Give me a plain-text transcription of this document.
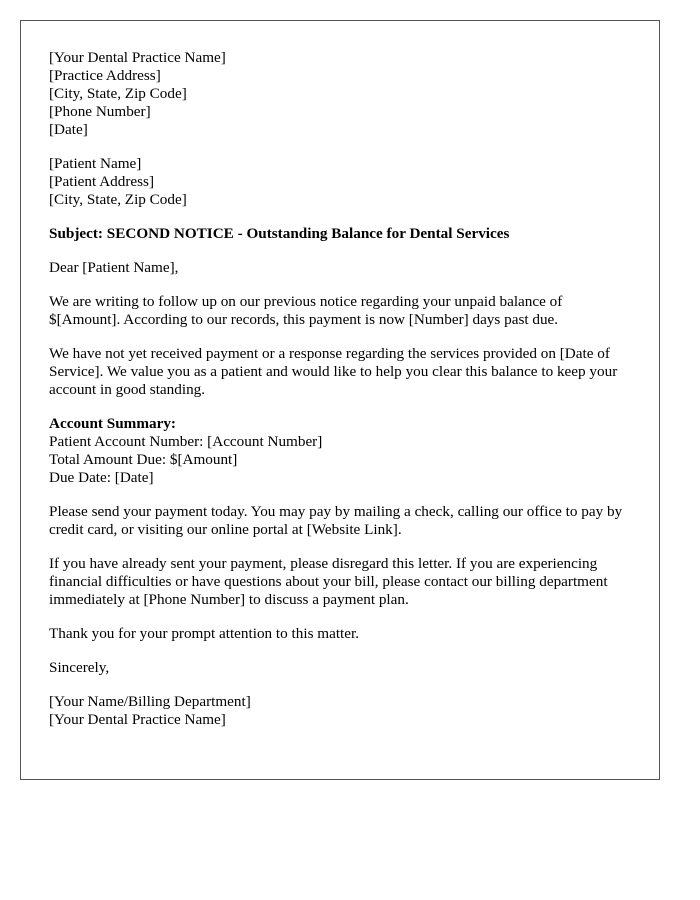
[Your Dental Practice Name]
[Practice Address]
[City, State, Zip Code]
[Phone Number]
[Date]
[Patient Name]
[Patient Address]
[City, State, Zip Code]

Subject: SECOND NOTICE - Outstanding Balance for Dental Services

Dear [Patient Name],

We are writing to follow up on our previous notice regarding your unpaid balance of $[Amount]. According to our records, this payment is now [Number] days past due.

We have not yet received payment or a response regarding the services provided on [Date of Service]. We value you as a patient and would like to help you clear this balance to keep your account in good standing.

Account Summary:
Patient Account Number: [Account Number]
Total Amount Due: $[Amount]
Due Date: [Date]

Please send your payment today. You may pay by mailing a check, calling our office to pay by credit card, or visiting our online portal at [Website Link].

If you have already sent your payment, please disregard this letter. If you are experiencing financial difficulties or have questions about your bill, please contact our billing department immediately at [Phone Number] to discuss a payment plan.

Thank you for your prompt attention to this matter.

Sincerely,

[Your Name/Billing Department]
[Your Dental Practice Name]
